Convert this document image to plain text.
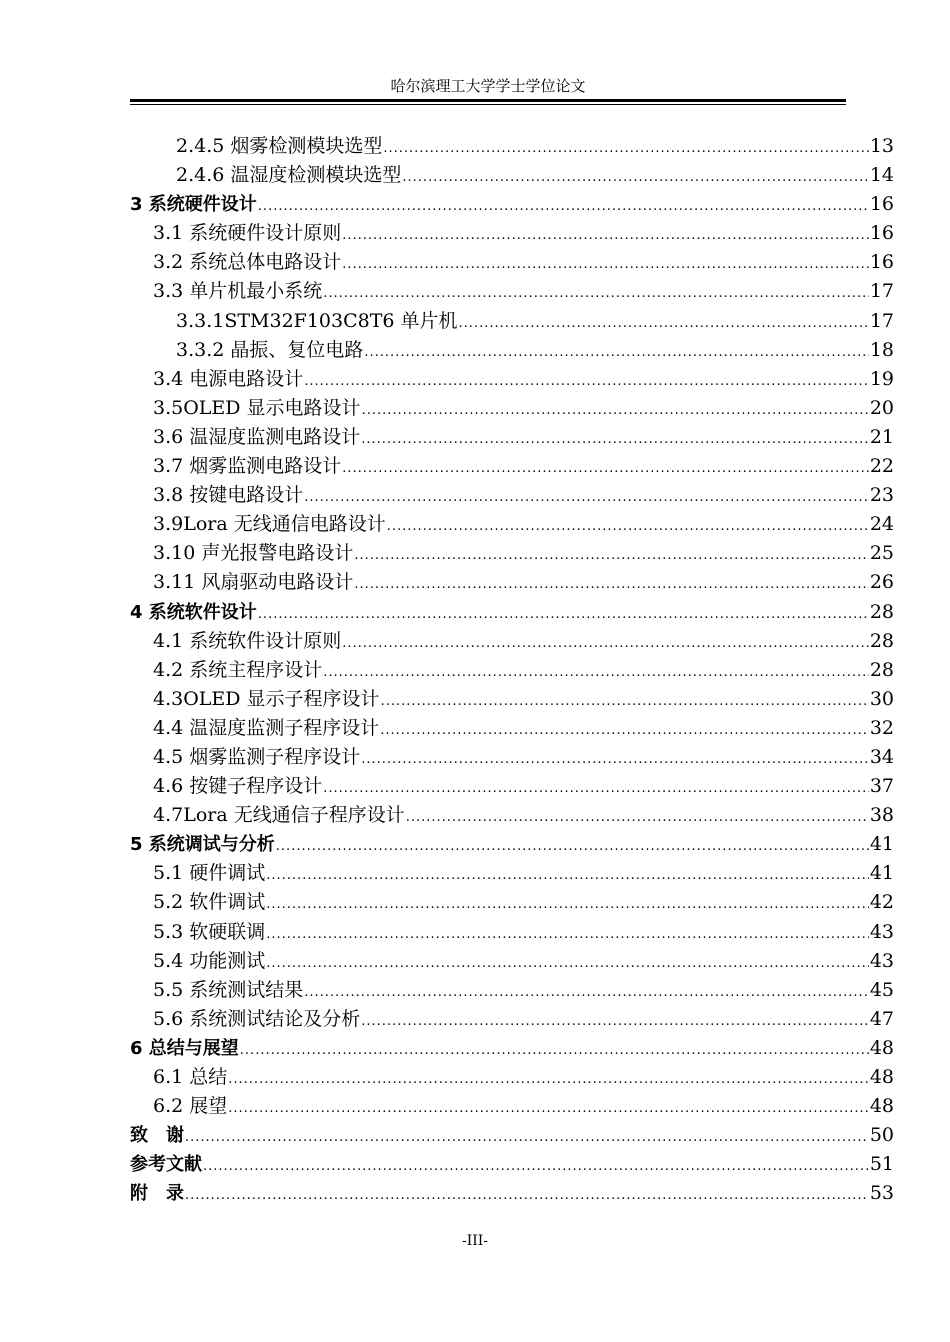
哈尔滨理工大学学士学位论文
2.4.5 烟雾检测模块选型 .....	13
2.4.6 温湿度检测模块选型 .....	14
3 系统硬件设计 .....	16
3.1 系统硬件设计原则 .....	16
3.2 系统总体电路设计 .....	16
3.3 单片机最小系统 .....	17
3.3.1STM32F103C8T6 单片机 .....	17
3.3.2 晶振、复位电路 .....	18
3.4 电源电路设计 .....	19
3.5OLED 显示电路设计 .....	20
3.6 温湿度监测电路设计 .....	21
3.7 烟雾监测电路设计 .....	22
3.8 按键电路设计 .....	23
3.9Lora 无线通信电路设计 .....	24
3.10 声光报警电路设计 .....	25
3.11 风扇驱动电路设计 .....	26
4 系统软件设计 .....	28
4.1 系统软件设计原则 .....	28
4.2 系统主程序设计 .....	28
4.3OLED 显示子程序设计 .....	30
4.4 温湿度监测子程序设计 .....	32
4.5 烟雾监测子程序设计 .....	34
4.6 按键子程序设计 .....	37
4.7Lora 无线通信子程序设计 .....	38
5 系统调试与分析 .....	41
5.1 硬件调试 .....	41
5.2 软件调试 .....	42
5.3 软硬联调 .....	43
5.4 功能测试 .....	43
5.5 系统测试结果 .....	45
5.6 系统测试结论及分析 .....	47
6 总结与展望 .....	48
6.1 总结 .....	48
6.2 展望 .....	48
致　谢 .....	50
参考文献 .....	51
附　录 .....	53
-III-
